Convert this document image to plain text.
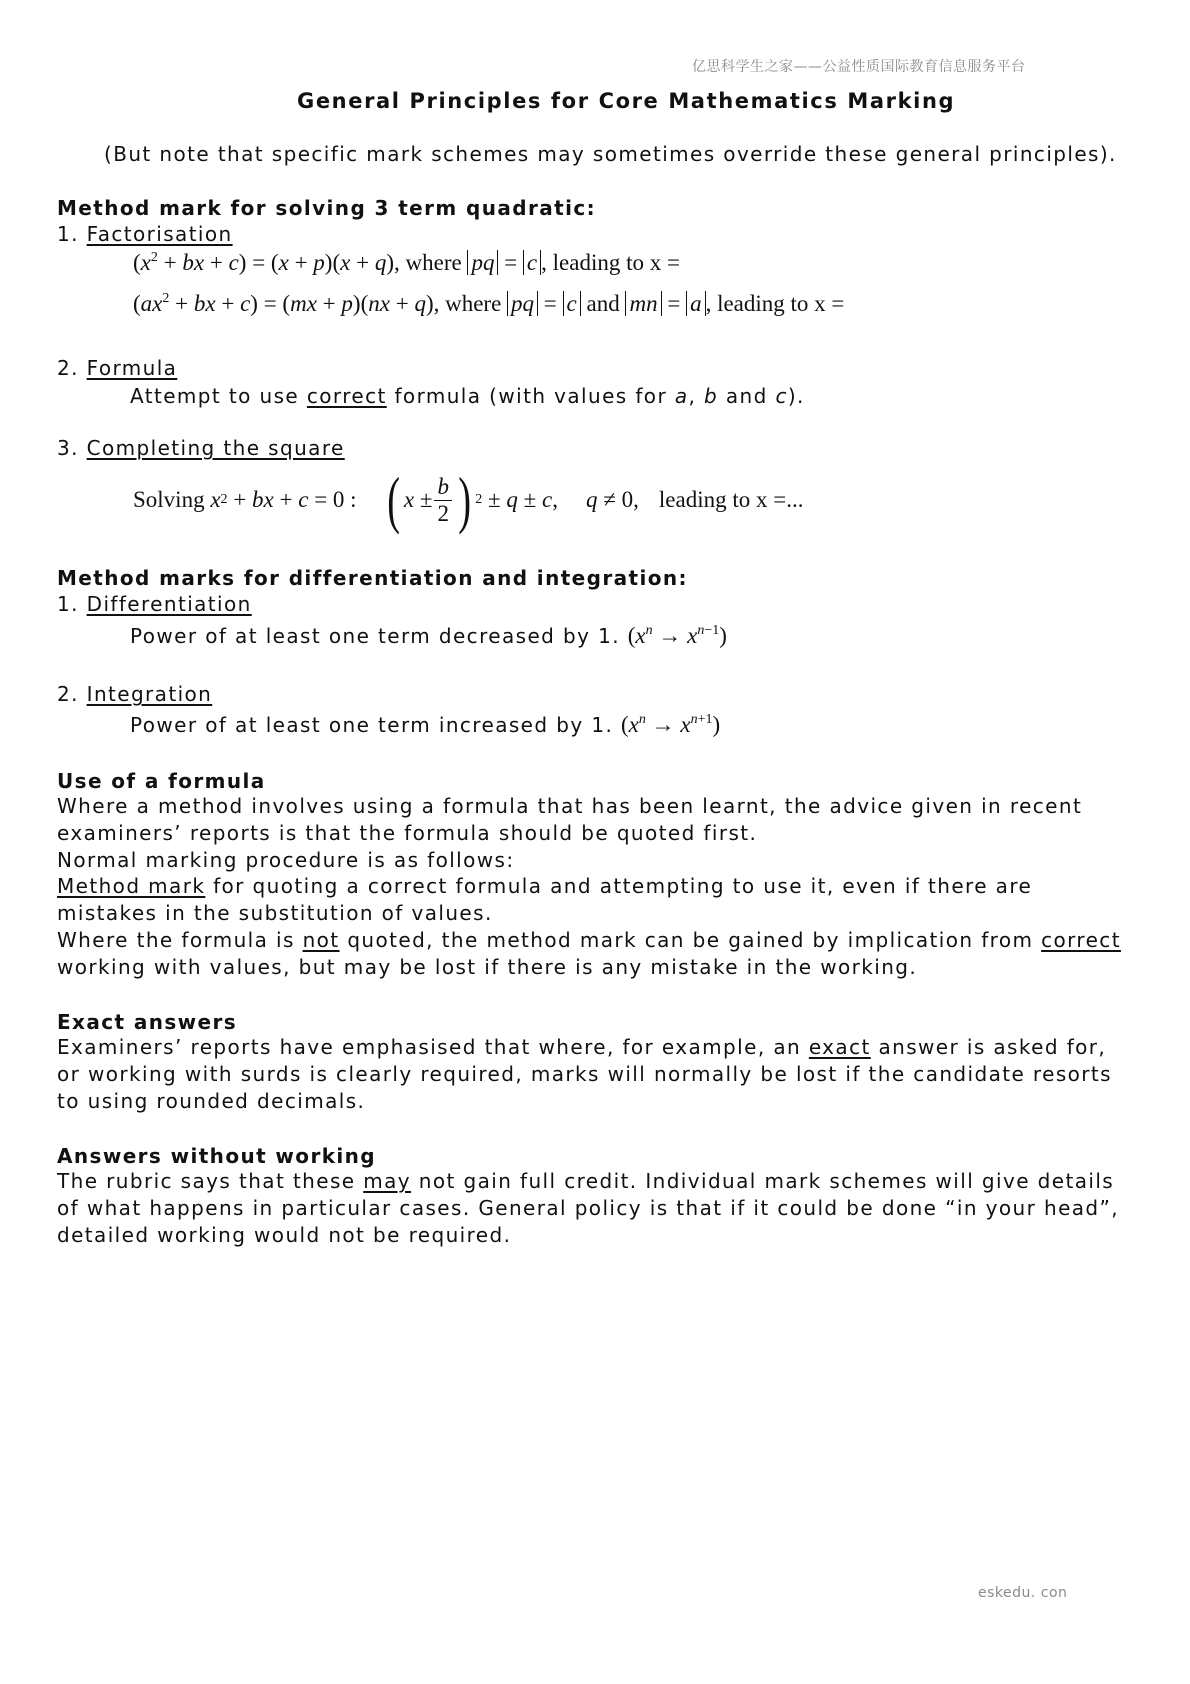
亿思科学生之家——公益性质国际教育信息服务平台
General Principles for Core Mathematics Marking
(But note that specific mark schemes may sometimes override these general principles).
Method mark for solving 3 term quadratic:
1. Factorisation
($x^2$ + bx + c) = (x + p)(x + q), where pq = c , leading to x =
($ax^2$ + bx + c) = (mx + p)(nx + q), where pq = c and mn = a , leading to x =
2. Formula
Attempt to use correct formula (with values for a, b and c).
3. Completing the square
Solving
x 2 + bx + c = 0 : ( $x \pm \frac{b}{2}$ ) 2 ± q ± c , q ≠ 0, leading to x =...
Method marks for differentiation and integration:
1. Differentiation
Power of at least one term decreased by 1. $(x^n \to x^{n-1})$
2. Integration
Power of at least one term increased by 1. $(x^n \to x^{n+1})$
Use of a formula
Where a method involves using a formula that has been learnt, the advice given in recent examiners’ reports is that the formula should be quoted first.
Normal marking procedure is as follows:
Method mark for quoting a correct formula and attempting to use it, even if there are mistakes in the substitution of values.
Where the formula is not quoted, the method mark can be gained by implication from correct working with values, but may be lost if there is any mistake in the working.
Exact answers
Examiners’ reports have emphasised that where, for example, an exact answer is asked for, or working with surds is clearly required, marks will normally be lost if the candidate resorts to using rounded decimals.
Answers without working
The rubric says that these may not gain full credit. Individual mark schemes will give details of what happens in particular cases. General policy is that if it could be done “in your head”, detailed working would not be required.
eskedu. con
